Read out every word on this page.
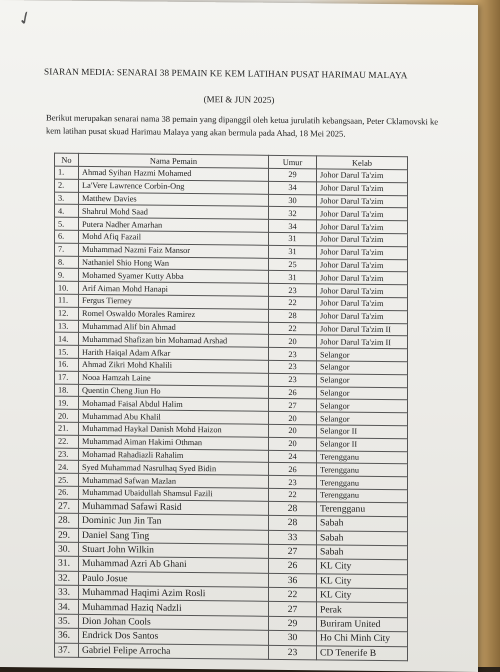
✓
SIARAN MEDIA: SENARAI 38 PEMAIN KE KEM LATIHAN PUSAT HARIMAU MALAYA
(MEI & JUN 2025)
Berikut merupakan senarai nama 38 pemain yang dipanggil oleh ketua jurulatih kebangsaan, Peter Cklamovski ke kem latihan pusat skuad Harimau Malaya yang akan bermula pada Ahad, 18 Mei 2025.
No	Nama Pemain	Umur	Kelab
1.	Ahmad Syihan Hazmi Mohamed	29	Johor Darul Ta'zim
2.	La'Vere Lawrence Corbin-Ong	34	Johor Darul Ta'zim
3.	Matthew Davies	30	Johor Darul Ta'zim
4.	Shahrul Mohd Saad	32	Johor Darul Ta'zim
5.	Putera Nadher Amarhan	34	Johor Darul Ta'zim
6.	Mohd Afiq Fazail	31	Johor Darul Ta'zim
7.	Muhammad Nazmi Faiz Mansor	31	Johor Darul Ta'zim
8.	Nathaniel Shio Hong Wan	25	Johor Darul Ta'zim
9.	Mohamed Syamer Kutty Abba	31	Johor Darul Ta'zim
10.	Arif Aiman Mohd Hanapi	23	Johor Darul Ta'zim
11.	Fergus Tierney	22	Johor Darul Ta'zim
12.	Romel Oswaldo Morales Ramirez	28	Johor Darul Ta'zim
13.	Muhammad Alif bin Ahmad	22	Johor Darul Ta'zim II
14.	Muhammad Shafizan bin Mohamad Arshad	20	Johor Darul Ta'zim II
15.	Harith Haiqal Adam Afkar	23	Selangor
16.	Ahmad Zikri Mohd Khalili	23	Selangor
17.	Nooa Hamzah Laine	23	Selangor
18.	Quentin Cheng Jiun Ho	26	Selangor
19.	Mohamad Faisal Abdul Halim	27	Selangor
20.	Muhammad Abu Khalil	20	Selangor
21.	Muhammad Haykal Danish Mohd Haizon	20	Selangor II
22.	Muhammad Aiman Hakimi Othman	20	Selangor II
23.	Mohamad Rahadiazli Rahalim	24	Terengganu
24.	Syed Muhammad Nasrulhaq Syed Bidin	26	Terengganu
25.	Muhammad Safwan Mazlan	23	Terengganu
26.	Muhammad Ubaidullah Shamsul Fazili	22	Terengganu
27.	Muhammad Safawi Rasid	28	Terengganu
28.	Dominic Jun Jin Tan	28	Sabah
29.	Daniel Sang Ting	33	Sabah
30.	Stuart John Wilkin	27	Sabah
31.	Muhammad Azri Ab Ghani	26	KL City
32.	Paulo Josue	36	KL City
33.	Muhammad Haqimi Azim Rosli	22	KL City
34.	Muhammad Haziq Nadzli	27	Perak
35.	Dion Johan Cools	29	Buriram United
36.	Endrick Dos Santos	30	Ho Chi Minh City
37.	Gabriel Felipe Arrocha	23	CD Tenerife B
